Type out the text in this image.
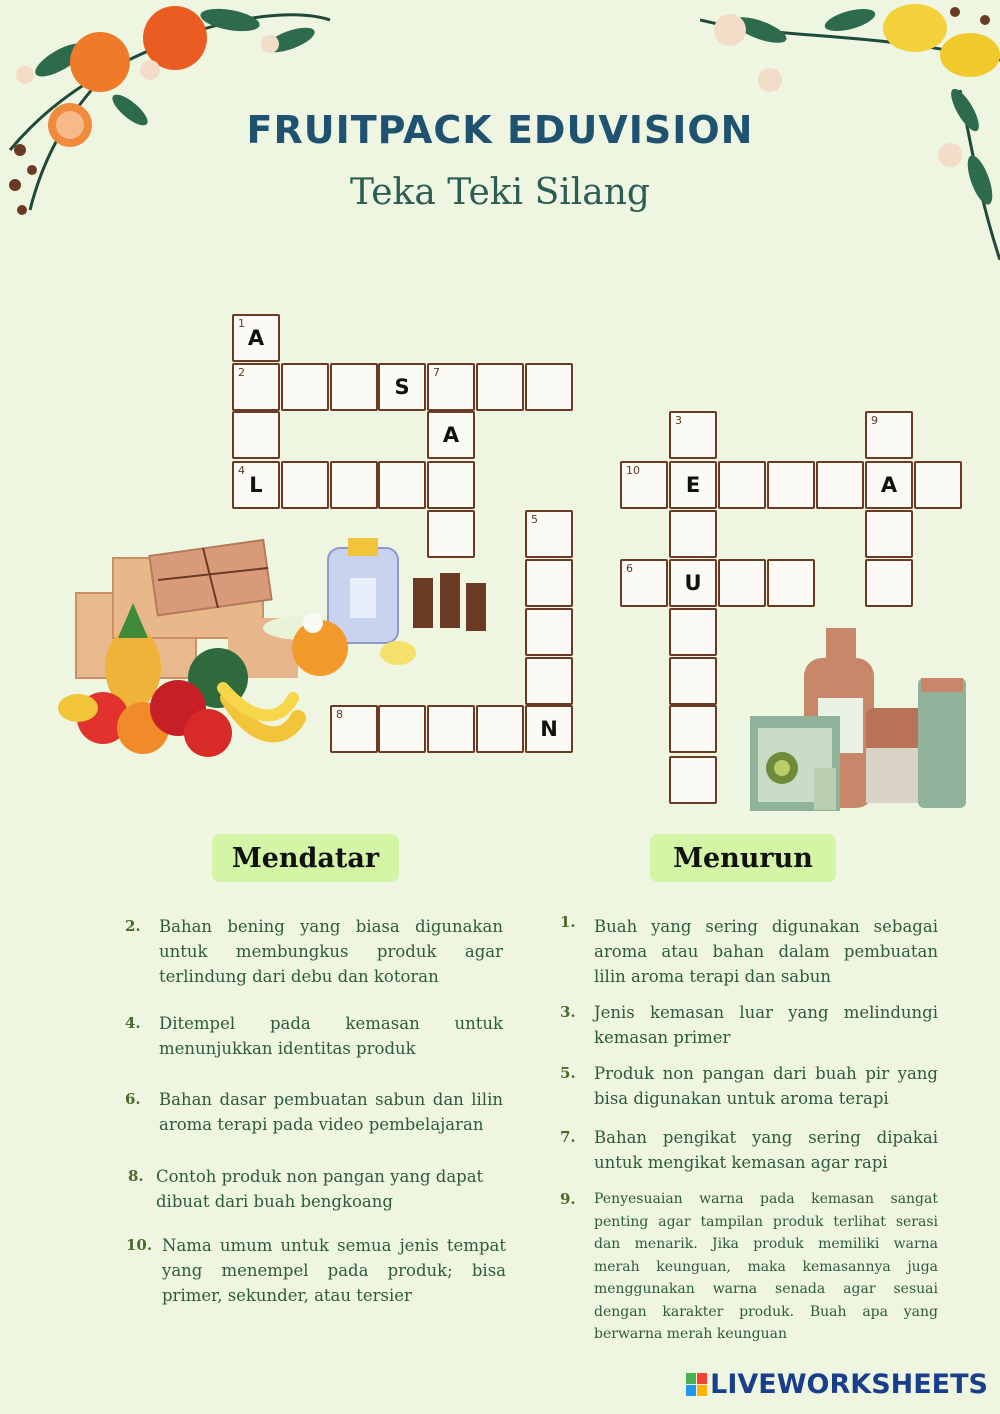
FRUITPACK EDUVISION
Teka Teki Silang
1
A
2
S
7
A
4
L
5
8
N
3
10
E	A
9
6
U
Mendatar	Menurun
2. Bahan bening yang biasa digunakan untuk membungkus produk agar terlindung dari debu dan kotoran
4. Ditempel pada kemasan untuk menunjukkan identitas produk
6. Bahan dasar pembuatan sabun dan lilin aroma terapi pada video pembelajaran
8. Contoh produk non pangan yang dapat dibuat dari buah bengkoang
10. Nama umum untuk semua jenis tempat yang menempel pada produk; bisa primer, sekunder, atau tersier
1. Buah yang sering digunakan sebagai aroma atau bahan dalam pembuatan lilin aroma terapi dan sabun
3. Jenis kemasan luar yang melindungi kemasan primer
5. Produk non pangan dari buah pir yang bisa digunakan untuk aroma terapi
7. Bahan pengikat yang sering dipakai untuk mengikat kemasan agar rapi
9. Penyesuaian warna pada kemasan sangat penting agar tampilan produk terlihat serasi dan menarik. Jika produk memiliki warna merah keunguan, maka kemasannya juga menggunakan warna senada agar sesuai dengan karakter produk. Buah apa yang berwarna merah keunguan
LIVEWORKSHEETS
